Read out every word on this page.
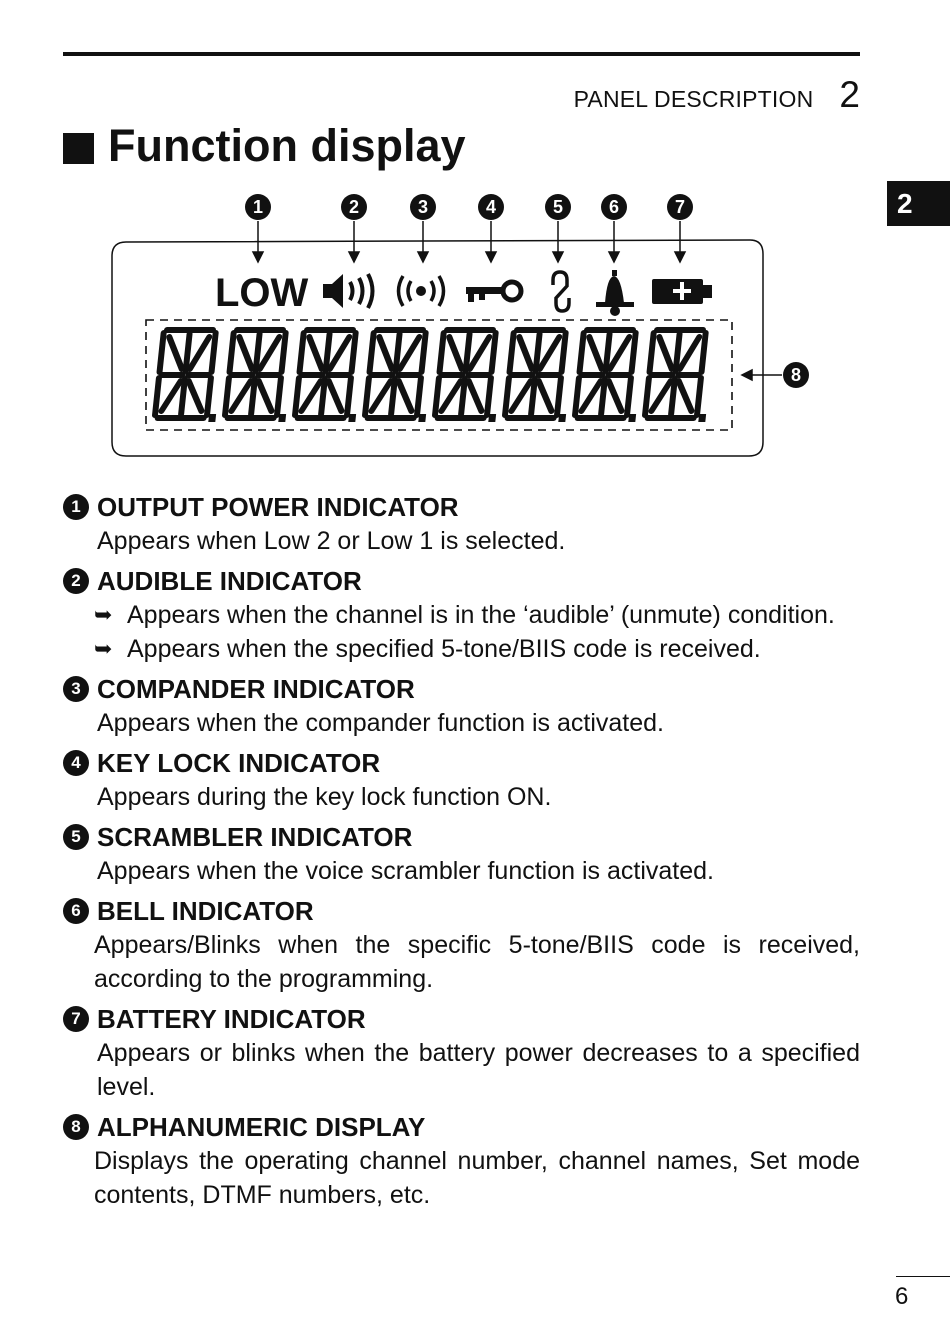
PANEL DESCRIPTION 2
2
Function display
1	2	3	4	5	6	7
8
LOW
1 OUTPUT POWER INDICATOR
Appears when Low 2 or Low 1 is selected.
2 AUDIBLE INDICATOR
➥ Appears when the channel is in the ‘audible’ (unmute) condition.
➥ Appears when the specified 5-tone/BIIS code is received.
3 COMPANDER INDICATOR
Appears when the compander function is activated.
4 KEY LOCK INDICATOR
Appears during the key lock function ON.
5 SCRAMBLER INDICATOR
Appears when the voice scrambler function is activated.
6 BELL INDICATOR
Appears/Blinks when the specific 5-tone/BIIS code is received, according to the programming.
7 BATTERY INDICATOR
Appears or blinks when the battery power decreases to a specified level.
8 ALPHANUMERIC DISPLAY
Displays the operating channel number, channel names, Set mode contents, DTMF numbers, etc.
6
